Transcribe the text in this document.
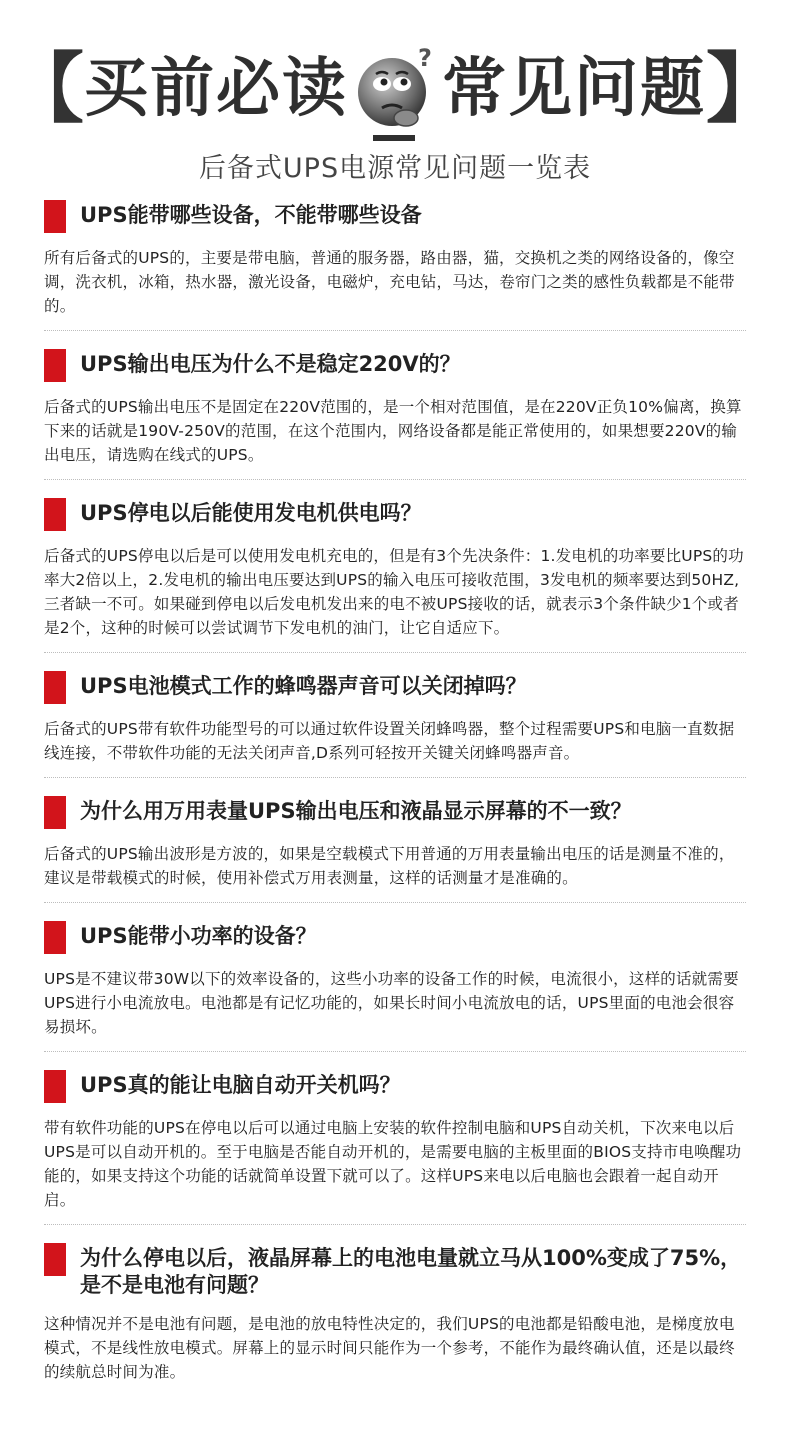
【 买前必读	? 常见问题 】
后备式UPS电源常见问题一览表
UPS能带哪些设备，不能带哪些设备
所有后备式的UPS的，主要是带电脑，普通的服务器，路由器，猫，交换机之类的网络设备的，像空调，洗衣机，冰箱，热水器，激光设备，电磁炉，充电钻，马达，卷帘门之类的感性负载都是不能带的。
UPS输出电压为什么不是稳定220V的？
后备式的UPS输出电压不是固定在220V范围的，是一个相对范围值，是在220V正负10%偏离，换算下来的话就是190V-250V的范围，在这个范围内，网络设备都是能正常使用的，如果想要220V的输出电压，请选购在线式的UPS。
UPS停电以后能使用发电机供电吗？
后备式的UPS停电以后是可以使用发电机充电的，但是有3个先决条件：1.发电机的功率要比UPS的功率大2倍以上，2.发电机的输出电压要达到UPS的输入电压可接收范围，3发电机的频率要达到50HZ,三者缺一不可。如果碰到停电以后发电机发出来的电不被UPS接收的话，就表示3个条件缺少1个或者是2个，这种的时候可以尝试调节下发电机的油门，让它自适应下。
UPS电池模式工作的蜂鸣器声音可以关闭掉吗？
后备式的UPS带有软件功能型号的可以通过软件设置关闭蜂鸣器，整个过程需要UPS和电脑一直数据线连接，不带软件功能的无法关闭声音,D系列可轻按开关键关闭蜂鸣器声音。
为什么用万用表量UPS输出电压和液晶显示屏幕的不一致？
后备式的UPS输出波形是方波的，如果是空载模式下用普通的万用表量输出电压的话是测量不准的，建议是带载模式的时候，使用补偿式万用表测量，这样的话测量才是准确的。
UPS能带小功率的设备？
UPS是不建议带30W以下的效率设备的，这些小功率的设备工作的时候，电流很小，这样的话就需要UPS进行小电流放电。电池都是有记忆功能的，如果长时间小电流放电的话，UPS里面的电池会很容易损坏。
UPS真的能让电脑自动开关机吗？
带有软件功能的UPS在停电以后可以通过电脑上安装的软件控制电脑和UPS自动关机，下次来电以后UPS是可以自动开机的。至于电脑是否能自动开机的，是需要电脑的主板里面的BIOS支持市电唤醒功能的，如果支持这个功能的话就简单设置下就可以了。这样UPS来电以后电脑也会跟着一起自动开启。
为什么停电以后，液晶屏幕上的电池电量就立马从100%变成了75%，是不是电池有问题？
这种情况并不是电池有问题，是电池的放电特性决定的，我们UPS的电池都是铅酸电池，是梯度放电模式，不是线性放电模式。屏幕上的显示时间只能作为一个参考，不能作为最终确认值，还是以最终的续航总时间为准。
